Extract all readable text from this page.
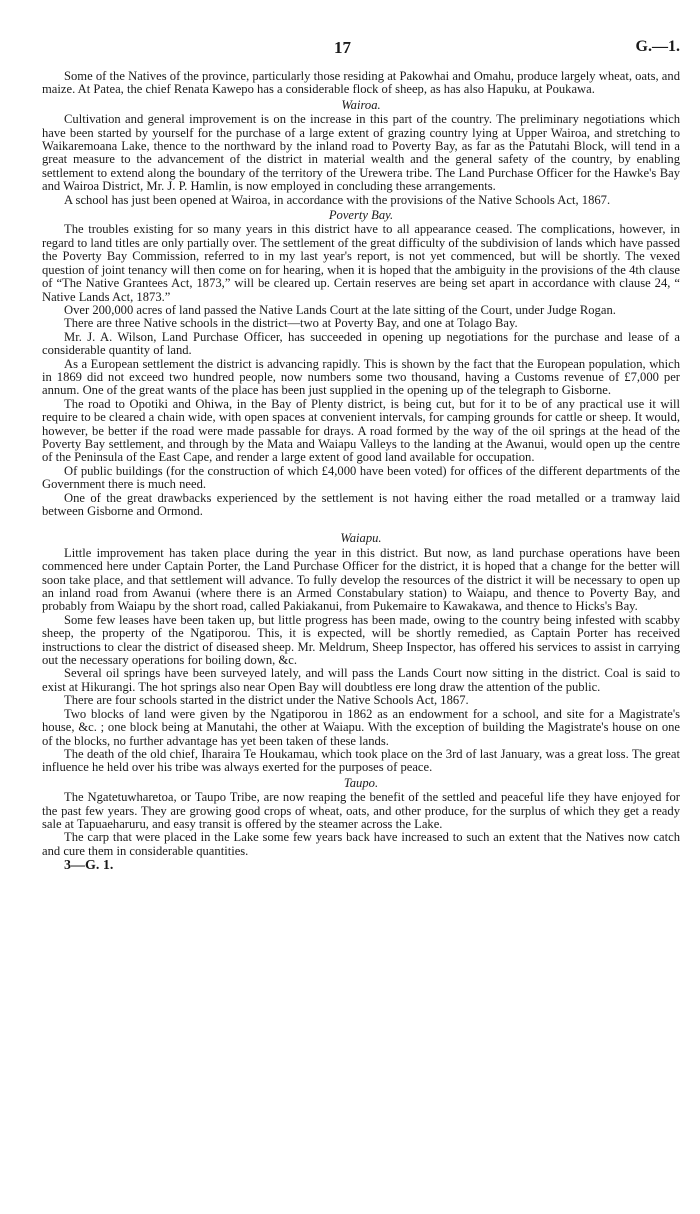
17	G.—1.

Some of the Natives of the province, particularly those residing at Pakowhai and Omahu, produce largely wheat, oats, and maize. At Patea, the chief Renata Kawepo has a considerable flock of sheep, as has also Hapuku, at Poukawa.

Wairoa.

Cultivation and general improvement is on the increase in this part of the country. The preliminary negotiations which have been started by yourself for the purchase of a large extent of grazing country lying at Upper Wairoa, and stretching to Waikaremoana Lake, thence to the northward by the inland road to Poverty Bay, as far as the Patutahi Block, will tend in a great measure to the advancement of the district in material wealth and the general safety of the country, by enabling settlement to extend along the boundary of the territory of the Urewera tribe. The Land Purchase Officer for the Hawke's Bay and Wairoa District, Mr. J. P. Hamlin, is now employed in concluding these arrangements.

A school has just been opened at Wairoa, in accordance with the provisions of the Native Schools Act, 1867.

Poverty Bay.

The troubles existing for so many years in this district have to all appearance ceased. The complications, however, in regard to land titles are only partially over. The settlement of the great difficulty of the subdivision of lands which have passed the Poverty Bay Commission, referred to in my last year's report, is not yet commenced, but will be shortly. The vexed question of joint tenancy will then come on for hearing, when it is hoped that the ambiguity in the provisions of the 4th clause of “The Native Grantees Act, 1873,” will be cleared up. Certain reserves are being set apart in accordance with clause 24, “ Native Lands Act, 1873.”

Over 200,000 acres of land passed the Native Lands Court at the late sitting of the Court, under Judge Rogan.

There are three Native schools in the district—two at Poverty Bay, and one at Tolago Bay.

Mr. J. A. Wilson, Land Purchase Officer, has succeeded in opening up negotiations for the purchase and lease of a considerable quantity of land.

As a European settlement the district is advancing rapidly. This is shown by the fact that the European population, which in 1869 did not exceed two hundred people, now numbers some two thousand, having a Customs revenue of £7,000 per annum. One of the great wants of the place has been just supplied in the opening up of the telegraph to Gisborne.

The road to Opotiki and Ohiwa, in the Bay of Plenty district, is being cut, but for it to be of any practical use it will require to be cleared a chain wide, with open spaces at convenient intervals, for camping grounds for cattle or sheep. It would, however, be better if the road were made passable for drays. A road formed by the way of the oil springs at the head of the Poverty Bay settlement, and through by the Mata and Waiapu Valleys to the landing at the Awanui, would open up the centre of the Peninsula of the East Cape, and render a large extent of good land available for occupation.

Of public buildings (for the construction of which £4,000 have been voted) for offices of the different departments of the Government there is much need.

One of the great drawbacks experienced by the settlement is not having either the road metalled or a tramway laid between Gisborne and Ormond.

Waiapu.

Little improvement has taken place during the year in this district. But now, as land purchase operations have been commenced here under Captain Porter, the Land Purchase Officer for the district, it is hoped that a change for the better will soon take place, and that settlement will advance. To fully develop the resources of the district it will be necessary to open up an inland road from Awanui (where there is an Armed Constabulary station) to Waiapu, and thence to Poverty Bay, and probably from Waiapu by the short road, called Pakiakanui, from Pukemaire to Kawakawa, and thence to Hicks's Bay.

Some few leases have been taken up, but little progress has been made, owing to the country being infested with scabby sheep, the property of the Ngatiporou. This, it is expected, will be shortly remedied, as Captain Porter has received instructions to clear the district of diseased sheep. Mr. Meldrum, Sheep Inspector, has offered his services to assist in carrying out the necessary operations for boiling down, &c.

Several oil springs have been surveyed lately, and will pass the Lands Court now sitting in the district. Coal is said to exist at Hikurangi. The hot springs also near Open Bay will doubtless ere long draw the attention of the public.

There are four schools started in the district under the Native Schools Act, 1867.

Two blocks of land were given by the Ngatiporou in 1862 as an endowment for a school, and site for a Magistrate's house, &c. ; one block being at Manutahi, the other at Waiapu. With the exception of building the Magistrate's house on one of the blocks, no further advantage has yet been taken of these lands.

The death of the old chief, Iharaira Te Houkamau, which took place on the 3rd of last January, was a great loss. The great influence he held over his tribe was always exerted for the purposes of peace.

Taupo.

The Ngatetuwharetoa, or Taupo Tribe, are now reaping the benefit of the settled and peaceful life they have enjoyed for the past few years. They are growing good crops of wheat, oats, and other produce, for the surplus of which they get a ready sale at Tapuaeharuru, and easy transit is offered by the steamer across the Lake.

The carp that were placed in the Lake some few years back have increased to such an extent that the Natives now catch and cure them in considerable quantities.

3—G. 1.
